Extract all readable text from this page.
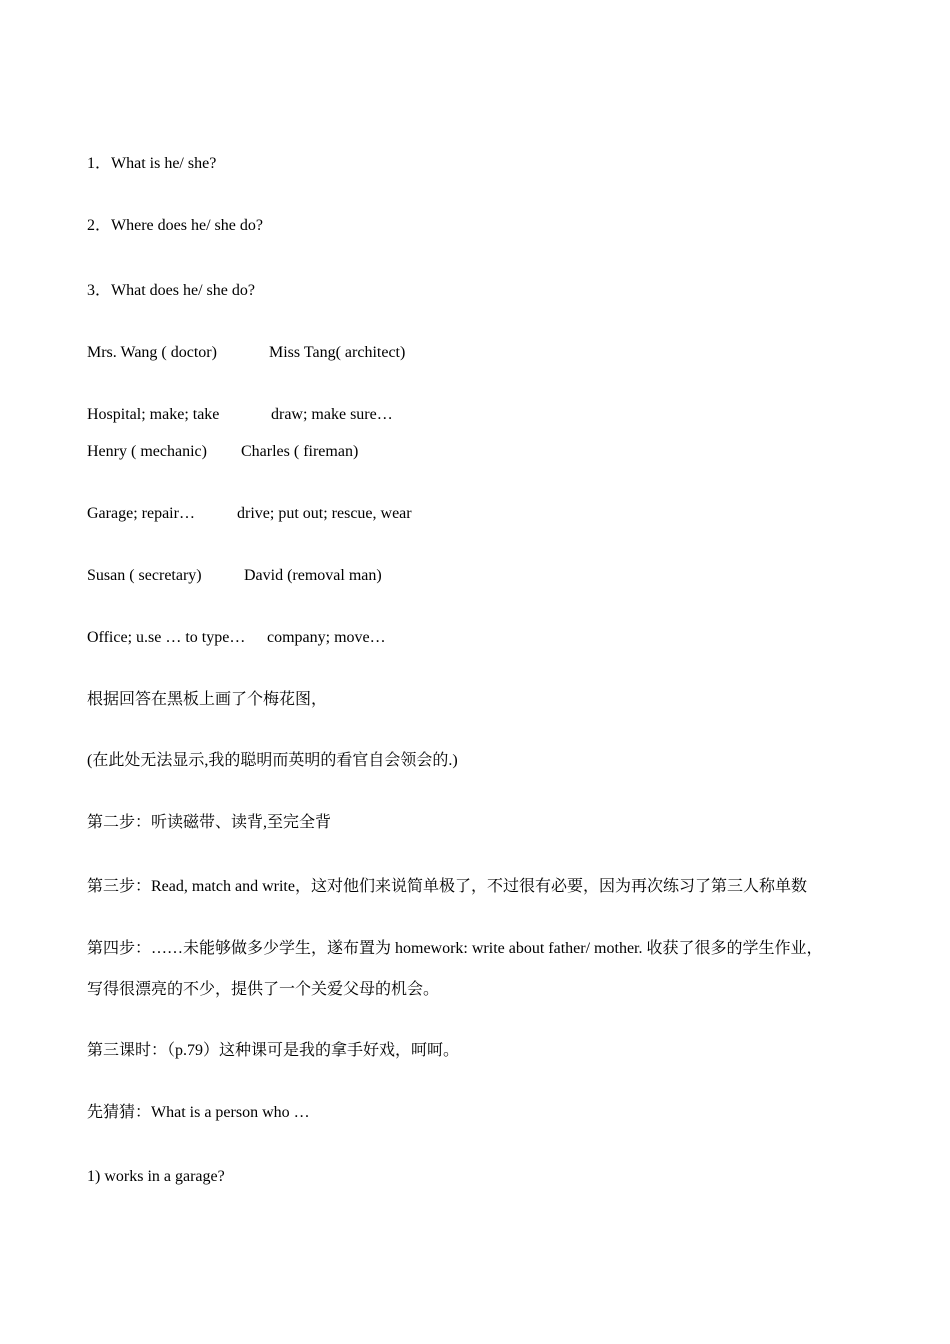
1．What is he/ she?
2．Where does he/ she do?
3．What does he/ she do?
Mrs. Wang ( doctor)	Miss Tang( architect)
Hospital; make; take	draw; make sure…
Henry ( mechanic) Charles ( fireman)
Garage; repair…	drive; put out; rescue, wear
Susan ( secretary)	David (removal man)
Office; u.se … to type… company; move…
根据回答在黑板上画了个梅花图，
(在此处无法显示,我的聪明而英明的看官自会领会的.)
第二步：听读磁带、读背,至完全背
第三步：Read, match and write，这对他们来说简单极了，不过很有必要，因为再次练习了第三人称单数
第四步：……未能够做多少学生，遂布置为 homework: write about father/ mother. 收获了很多的学生作业，
写得很漂亮的不少，提供了一个关爱父母的机会。
第三课时：（p.79）这种课可是我的拿手好戏，呵呵。
先猜猜：What is a person who …
1) works in a garage?
